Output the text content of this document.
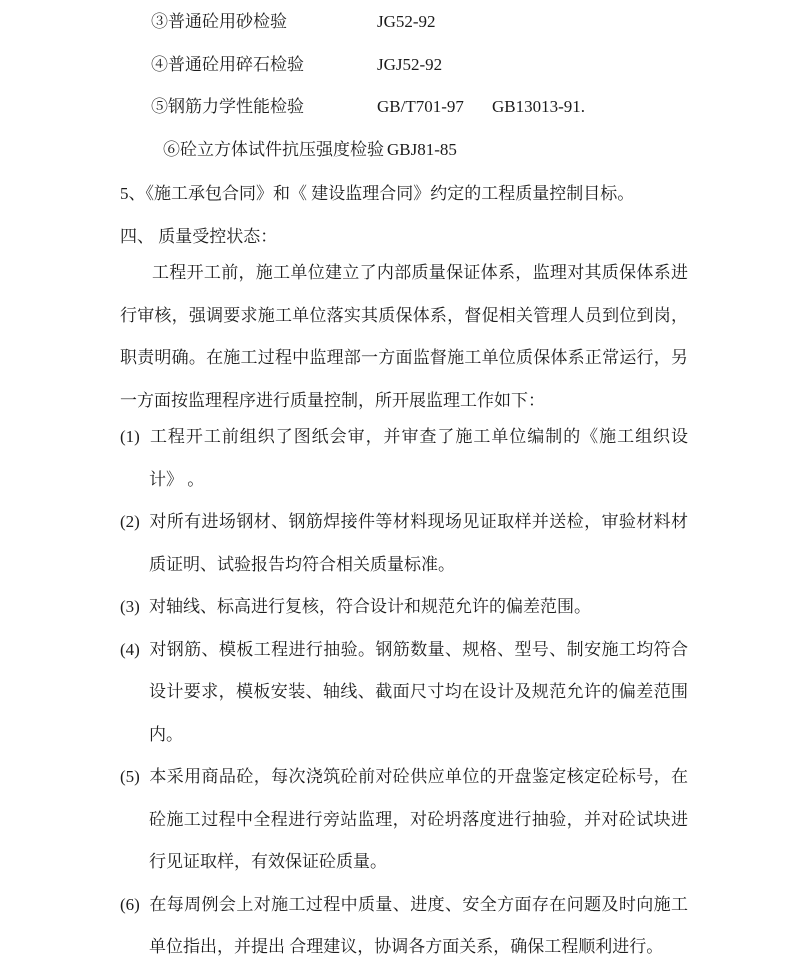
③普通砼用砂检验	JG52-92
④普通砼用碎石检验	JGJ52-92
⑤钢筋力学性能检验	GB/T701-97 GB13013-91.
⑥砼立方体试件抗压强度检验 GBJ81-85
5、《施工承包合同》和《 建设监理合同》约定的工程质量控制目标。
四、 质量受控状态：
工程开工前，施工单位建立了内部质量保证体系，监理对其质保体系进行审核，强调要求施工单位落实其质保体系，督促相关管理人员到位到岗，职责明确。在施工过程中监理部一方面监督施工单位质保体系正常运行，另一方面按监理程序进行质量控制，所开展监理工作如下：
(1) 工程开工前组织了图纸会审，并审查了施工单位编制的《施工组织设计》 。
(2) 对所有进场钢材、钢筋焊接件等材料现场见证取样并送检，审验材料材质证明、试验报告均符合相关质量标准。
(3) 对轴线、标高进行复核，符合设计和规范允许的偏差范围。
(4) 对钢筋、模板工程进行抽验。钢筋数量、规格、型号、制安施工均符合设计要求，模板安装、轴线、截面尺寸均在设计及规范允许的偏差范围内。
(5) 本采用商品砼，每次浇筑砼前对砼供应单位的开盘鉴定核定砼标号，在砼施工过程中全程进行旁站监理，对砼坍落度进行抽验，并对砼试块进行见证取样，有效保证砼质量。
(6) 在每周例会上对施工过程中质量、进度、安全方面存在问题及时向施工单位指出，并提出 合理建议，协调各方面关系，确保工程顺利进行。
